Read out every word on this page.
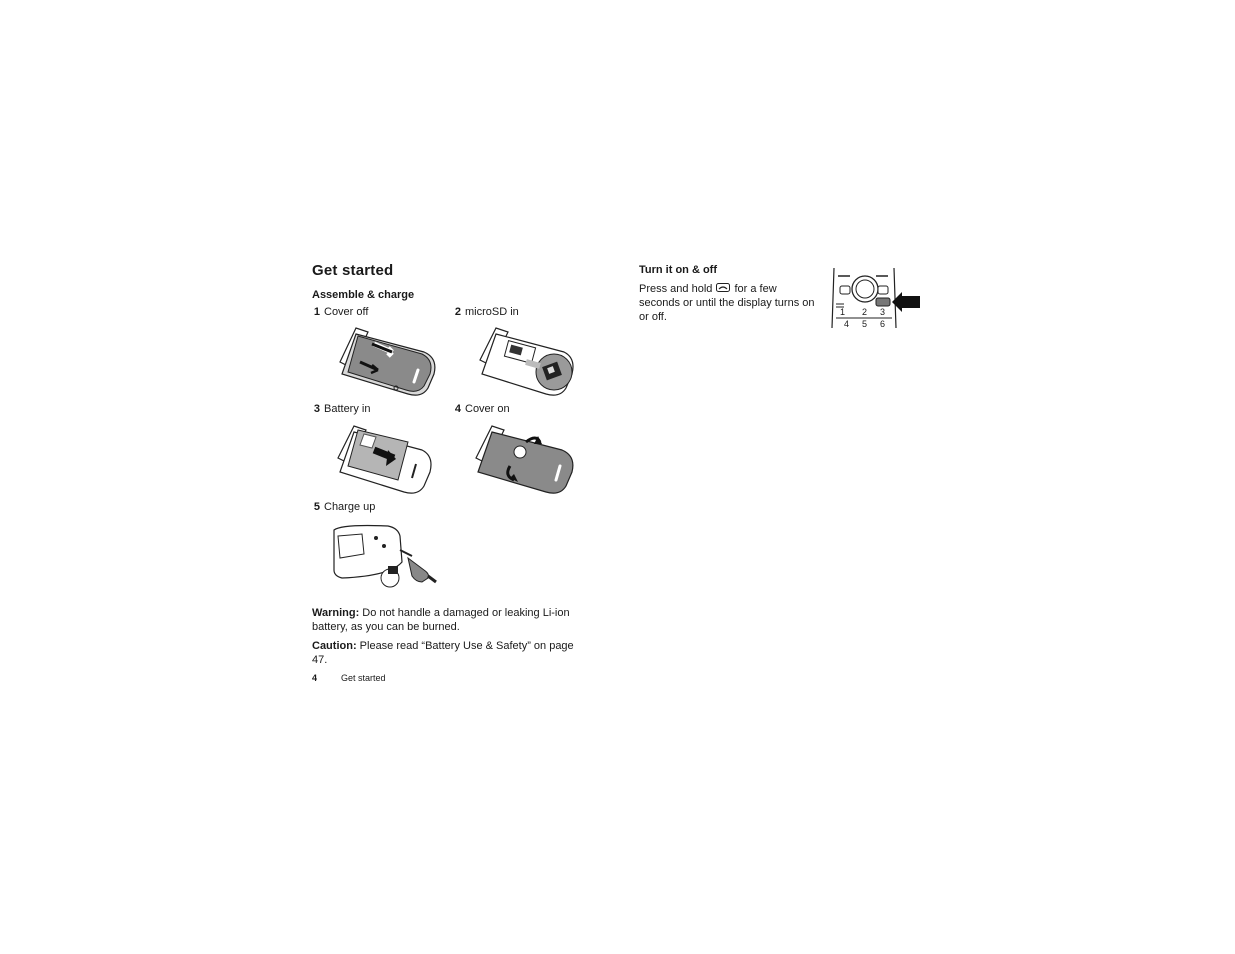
Get started
Assemble & charge
1 Cover off	2 microSD in
3 Battery in	4 Cover on
5 Charge up
Warning: Do not handle a damaged or leaking Li-ion battery, as you can be burned.
Caution: Please read “Battery Use & Safety” on page 47.
4	Get started
Turn it on & off
Press and hold  for a few seconds or until the display turns on or off.	1 2 3
4 5 6
